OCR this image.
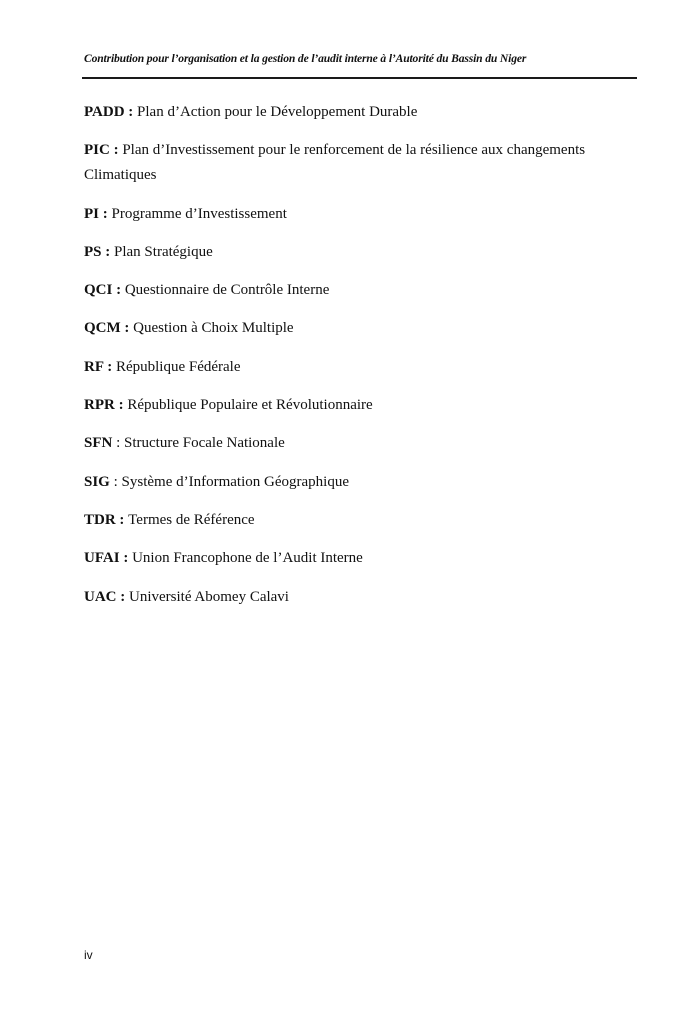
Contribution pour l’organisation et la gestion de l’audit interne à l’Autorité du Bassin du Niger
PADD : Plan d’Action pour le Développement Durable
PIC : Plan d’Investissement pour le renforcement de la résilience aux changements Climatiques
PI : Programme d’Investissement
PS : Plan Stratégique
QCI : Questionnaire de Contrôle Interne
QCM : Question à Choix Multiple
RF : République Fédérale
RPR : République Populaire et Révolutionnaire
SFN : Structure Focale Nationale
SIG : Système d’Information Géographique
TDR : Termes de Référence
UFAI : Union Francophone de l’Audit Interne
UAC : Université Abomey Calavi
iv
